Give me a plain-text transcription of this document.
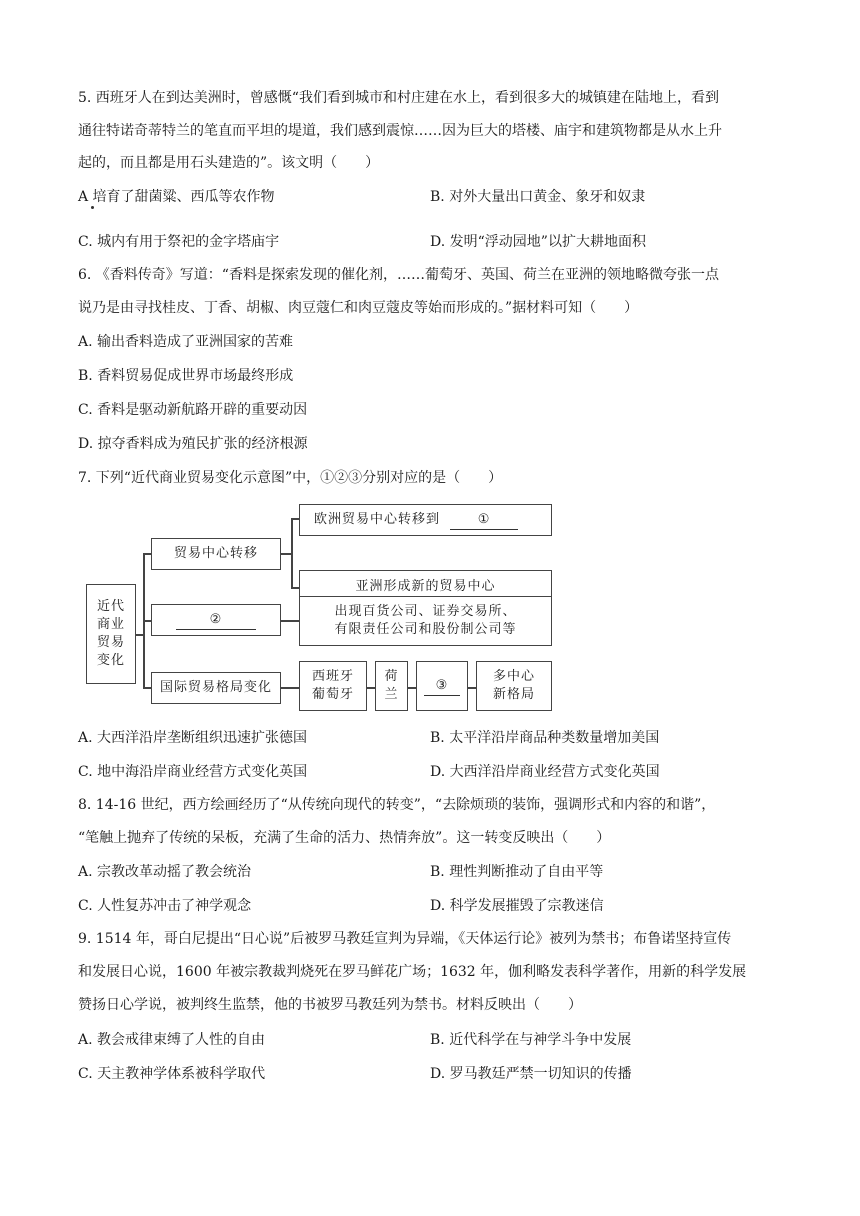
5. 西班牙人在到达美洲时，曾感慨“我们看到城市和村庄建在水上，看到很多大的城镇建在陆地上，看到
通往特诺奇蒂特兰的笔直而平坦的堤道，我们感到震惊……因为巨大的塔楼、庙宇和建筑物都是从水上升
起的，而且都是用石头建造的”。该文明（　　）
A 培育了甜菌粱、西瓜等农作物	B. 对外大量出口黄金、象牙和奴隶
C. 城内有用于祭祀的金字塔庙宇	D. 发明“浮动园地”以扩大耕地面积
6. 《香料传奇》写道：“香料是探索发现的催化剂，……葡萄牙、英国、荷兰在亚洲的领地略微夸张一点
说乃是由寻找桂皮、丁香、胡椒、肉豆蔻仁和肉豆蔻皮等始而形成的。”据材料可知（　　）
A. 输出香料造成了亚洲国家的苦难
B. 香料贸易促成世界市场最终形成
C. 香料是驱动新航路开辟的重要动因
D. 掠夺香料成为殖民扩张的经济根源
7. 下列“近代商业贸易变化示意图”中，①②③分别对应的是（　　）
近代
商业
贸易
变化
贸易中心转移
欧洲贸易中心转移到	①
亚洲形成新的贸易中心
②	出现百货公司、证券交易所、
有限责任公司和股份制公司等
国际贸易格局变化
西班牙
葡萄牙
荷
兰
③
多中心
新格局
A. 大西洋沿岸垄断组织迅速扩张德国	B. 太平洋沿岸商品种类数量增加美国
C. 地中海沿岸商业经营方式变化英国	D. 大西洋沿岸商业经营方式变化英国
8. 14-16 世纪，西方绘画经历了“从传统向现代的转变”，“去除烦琐的装饰，强调形式和内容的和谐”，
“笔触上抛弃了传统的呆板，充满了生命的活力、热情奔放”。这一转变反映出（　　）
A. 宗教改革动摇了教会统治	B. 理性判断推动了自由平等
C. 人性复苏冲击了神学观念	D. 科学发展摧毁了宗教迷信
9. 1514 年，哥白尼提出“日心说”后被罗马教廷宣判为异端，《天体运行论》被列为禁书；布鲁诺坚持宣传
和发展日心说，1600 年被宗教裁判烧死在罗马鲜花广场；1632 年，伽利略发表科学著作，用新的科学发展
赞扬日心学说，被判终生监禁，他的书被罗马教廷列为禁书。材料反映出（　　）
A. 教会戒律束缚了人性的自由	B. 近代科学在与神学斗争中发展
C. 天主教神学体系被科学取代	D. 罗马教廷严禁一切知识的传播
